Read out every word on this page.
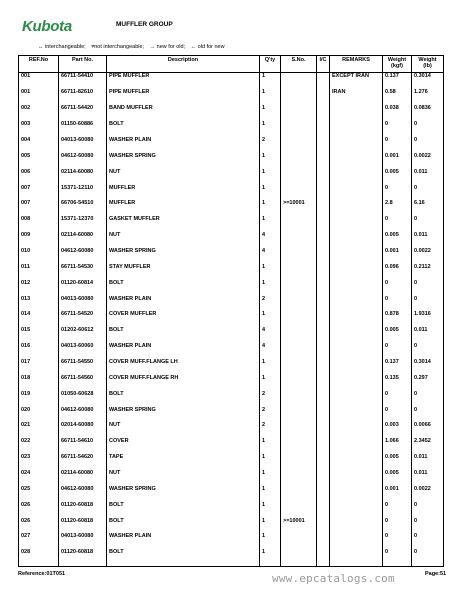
Kubota	MUFFLER GROUP
↔ interchangeable; ≠not interchangeable; → new for old; ← old for new
REF.No	Part No.	Description	Q'ty	S.No.	I/C	REMARKS	Weight (kgf)	Weight (lb)
001	66711-54410	PIPE MUFFLER	1			EXCEPT IRAN	0.137	0.3014
001	66711-82610	PIPE MUFFLER	1			IRAN	0.58	1.276
002	66711-54420	BAND MUFFLER	1				0.038	0.0836
003	01150-60886	BOLT	1				0	0
004	04013-60080	WASHER PLAIN	2				0	0
005	04612-60080	WASHER SPRING	1				0.001	0.0022
006	02114-60080	NUT	1				0.005	0.011
007	15371-12110	MUFFLER	1				0	0
007	66706-54510	MUFFLER	1	>=10001			2.8	6.16
008	15371-12370	GASKET MUFFLER	1				0	0
009	02114-60080	NUT	4				0.005	0.011
010	04612-60080	WASHER SPRING	4				0.001	0.0022
011	66711-54530	STAY MUFFLER	1				0.096	0.2112
012	01120-60814	BOLT	1				0	0
013	04013-60080	WASHER PLAIN	2				0	0
014	66711-54520	COVER MUFFLER	1				0.878	1.9316
015	01202-60612	BOLT	4				0.005	0.011
016	04013-60060	WASHER PLAIN	4				0	0
017	66711-54550	COVER MUFF.FLANGE LH	1				0.137	0.3014
018	66711-54560	COVER MUFF.FLANGE RH	1				0.135	0.297
019	01050-60628	BOLT	2				0	0
020	04612-60080	WASHER SPRING	2				0	0
021	02014-60080	NUT	2				0.003	0.0066
022	66711-54610	COVER	1				1.066	2.3452
023	66711-54620	TAPE	1				0.005	0.011
024	02114-60080	NUT	1				0.005	0.011
025	04612-60080	WASHER SPRING	1				0.001	0.0022
026	01120-60818	BOLT	1				0	0
026	01120-60818	BOLT	1	>=10001			0	0
027	04013-60080	WASHER PLAIN	1				0	0
028	01120-60818	BOLT	1				0	0

Reference:01T051	www.epcatalogs.com	Page:51
